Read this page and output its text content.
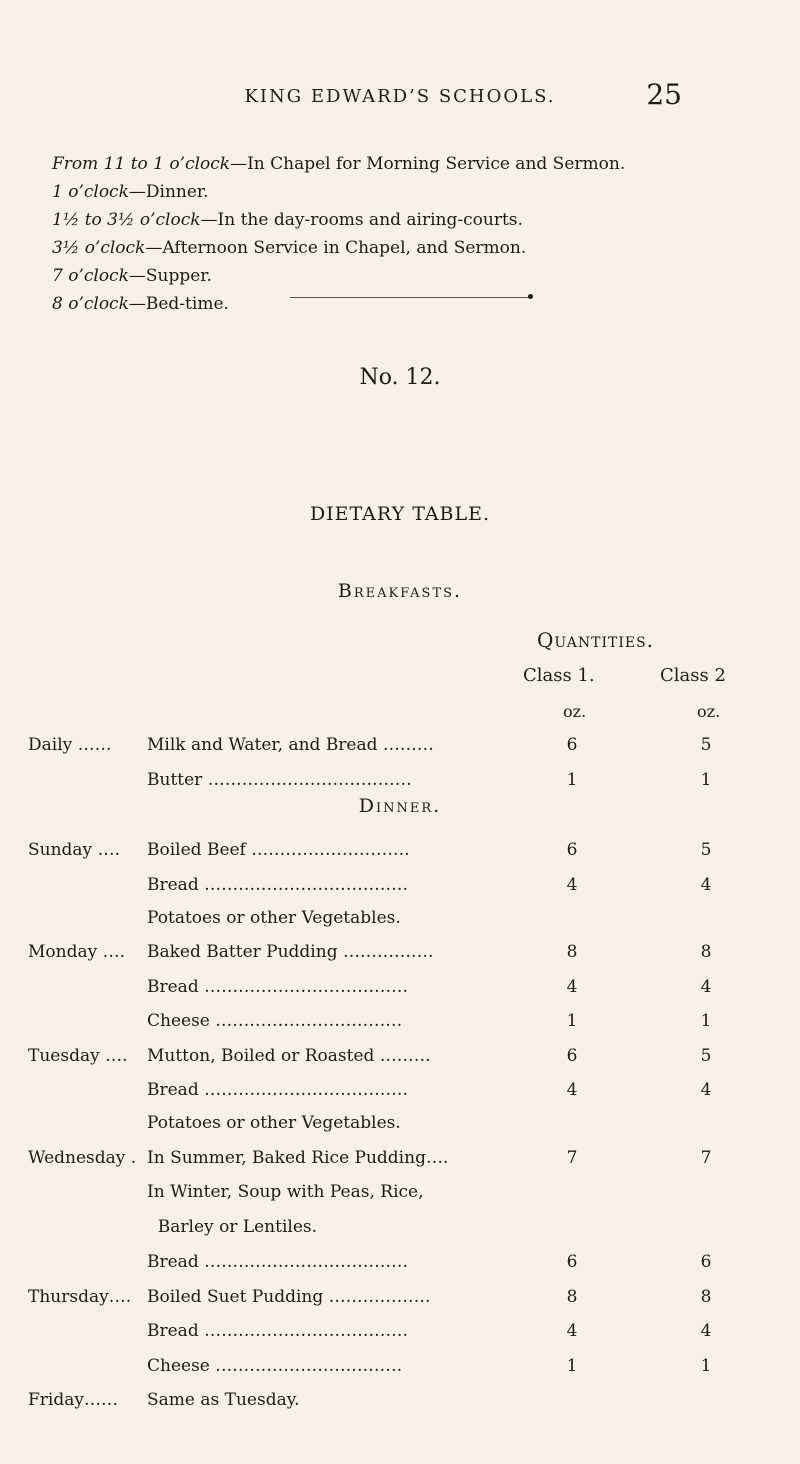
KING EDWARD’S SCHOOLS.	25
From 11 to 1 o’clock—In Chapel for Morning Service and Sermon.
1 o’clock—Dinner.
1½ to 3½ o’clock—In the day-rooms and airing-courts.
3½ o’clock—Afternoon Service in Chapel, and Sermon.
7 o’clock—Supper.
8 o’clock—Bed-time.
No. 12.
DIETARY TABLE.
Breakfasts.
Quantities.
Class 1.	Class 2
oz.	oz.
Dinner.
Daily …… Milk and Water, and Bread ………	6	5
Butter ………………………………	1	1
Sunday …. Boiled Beef ……………………….	6	5
Bread ………………………………	4	4
Potatoes or other Vegetables.
Monday …. Baked Batter Pudding …………….	8	8
Bread ………………………………	4	4
Cheese ……………………………	1	1
Tuesday …. Mutton, Boiled or Roasted ………	6	5
Bread ………………………………	4	4
Potatoes or other Vegetables.
Wednesday . In Summer, Baked Rice Pudding….	7	7
In Winter, Soup with Peas, Rice,
Barley or Lentiles.
Bread ………………………………	6	6
Thursday…. Boiled Suet Pudding ………………	8	8
Bread ………………………………	4	4
Cheese ……………………………	1	1
Friday…… Same as Tuesday.
